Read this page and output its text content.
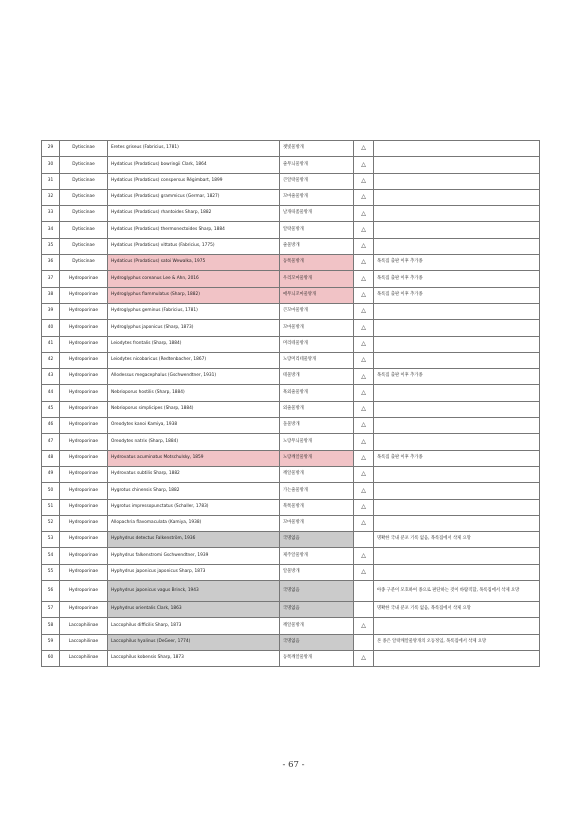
29	Dytiscinae	Eretes griseus (Fabricius, 1781)	잿빛물방개	△	
30	Dytiscinae	Hydaticus (Prodaticus) bowringii Clark, 1864	줄무늬물방개	△	
31	Dytiscinae	Hydaticus (Prodaticus) conspersus Régimbart, 1899	큰알락물방개	△	
32	Dytiscinae	Hydaticus (Prodaticus) grammicus (Germar, 1827)	꼬마줄물방개	△	
33	Dytiscinae	Hydaticus (Prodaticus) rhantoides Sharp, 1882	날개띠좀물방개	△	
34	Dytiscinae	Hydaticus (Prodaticus) thermonectoides Sharp, 1884	알락물방개	△	
35	Dytiscinae	Hydaticus (Prodaticus) vittatus (Fabricius, 1775)	줄물방개	△	
36	Dytiscinae	Hydaticus (Prodaticus) satoi Wewalka, 1975	동쪽물방개	△	목록집 출판 이후 추가종
37	Hydroporinae	Hydroglyphus coreanus Lee & Ahn, 2016	우리꼬마물방개	△	목록집 출판 이후 추가종
38	Hydroporinae	Hydroglyphus flammulatus (Sharp, 1882)	애무늬꼬마물방개	△	목록집 출판 이후 추가종
39	Hydroporinae	Hydroglyphus geminus (Fabricius, 1781)	큰꼬마물방개	△	
40	Hydroporinae	Hydroglyphus japonicus (Sharp, 1873)	꼬마물방개	△	
41	Hydroporinae	Leiodytes frontalis (Sharp, 1884)	머리테물방개	△	
42	Hydroporinae	Leiodytes nicobaricus (Redtenbacher, 1867)	노랑머리테물방개	△	
43	Hydroporinae	Allodessus megacephalus (Gschwendtner, 1931)	테물방개	△	목록집 출판 이후 추가종
44	Hydroporinae	Nebrioporus hostilis (Sharp, 1884)	흑외줄물방개	△	
45	Hydroporinae	Nebrioporus simplicipes (Sharp, 1884)	외줄물방개	△	
46	Hydroporinae	Oreodytes kanoi Kamiya, 1938	돌물방개	△	
47	Hydroporinae	Oreodytes natrix (Sharp, 1884)	노랑무늬물방개	△	
48	Hydroporinae	Hydrovatus acuminatus Motschulsky, 1859	노랑깨알물방개	△	목록집 출판 이후 추가종
49	Hydroporinae	Hydrovatus subtilis Sharp, 1882	깨알물방개	△	
50	Hydroporinae	Hygrotus chinensis Sharp, 1882	가는줄물방개	△	
51	Hydroporinae	Hygrotus impressopunctatus (Schaller, 1783)	북쪽물방개	△	
52	Hydroporinae	Allopachria flavomaculata (Kamiya, 1938)	꼬마물방개	△	
53	Hydroporinae	Hyphydrus detectus Falkenström, 1936	국명없음		명확한 국내 분포 기록 없음, 목록집에서 삭제 요망
54	Hydroporinae	Hyphydrus falkenstromi Gschwendtner, 1939	제주알물방개	△	
55	Hydroporinae	Hyphydrus japonicus japonicus Sharp, 1873	알물방개	△	
56	Hydroporinae	Hyphydrus japonicus vagus Brinck, 1943	국명없음		아종 구분이 모호하여 종으로 판단하는 것이 바람직함, 목록집에서 삭제 요망
57	Hydroporinae	Hyphydrus orientalis Clark, 1863	국명없음		명확한 국내 분포 기록 없음, 목록집에서 삭제 요망
58	Laccophilinae	Laccophilus difficilis Sharp, 1873	깨알물방개	△	
59	Laccophilinae	Laccophilus hyalinus (DeGeer, 1774)	국명없음		본 종은 알락깨알물방개의 오동정임, 목록집에서 삭제 요망
60	Laccophilinae	Laccophilus kobensis Sharp, 1873	동쪽깨알물방개	△	
- 67 -
